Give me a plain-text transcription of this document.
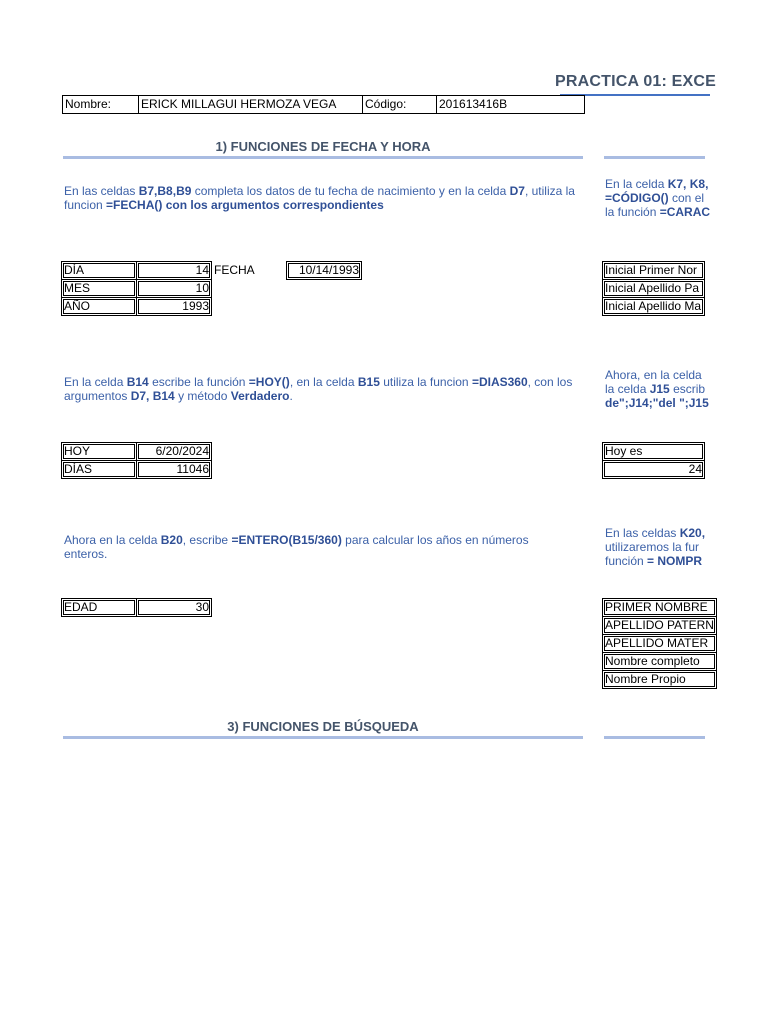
PRACTICA 01: EXCE
Nombre:	ERICK MILLAGUI HERMOZA VEGA	Código:	201613416B
1) FUNCIONES DE FECHA Y HORA
En las celdas B7,B8,B9 completa los datos de tu fecha de nacimiento y en la celda D7, utiliza la funcion =FECHA() con los argumentos correspondientes
DÍA	14
MES	10
AÑO	1993
FECHA	10/14/1993
En la celda B14 escribe la función =HOY(), en la celda B15 utiliza la funcion =DIAS360, con los argumentos D7, B14 y método Verdadero.
HOY	6/20/2024
DÍAS	11046
Ahora en la celda B20, escribe =ENTERO(B15/360) para calcular los años en números enteros.
EDAD	30
3) FUNCIONES DE BÚSQUEDA
En la celda K7, K8,
=CÓDIGO() con el
la función =CARAC
Inicial Primer Nor
Inicial Apellido Pa
Inicial Apellido Ma
Ahora, en la celda
la celda J15 escrib
de";J14;"del ";J15
Hoy es
24
En las celdas K20,
utilizaremos la fur
función = NOMPR
PRIMER NOMBRE
APELLIDO PATERN
APELLIDO MATER
Nombre completo
Nombre Propio
